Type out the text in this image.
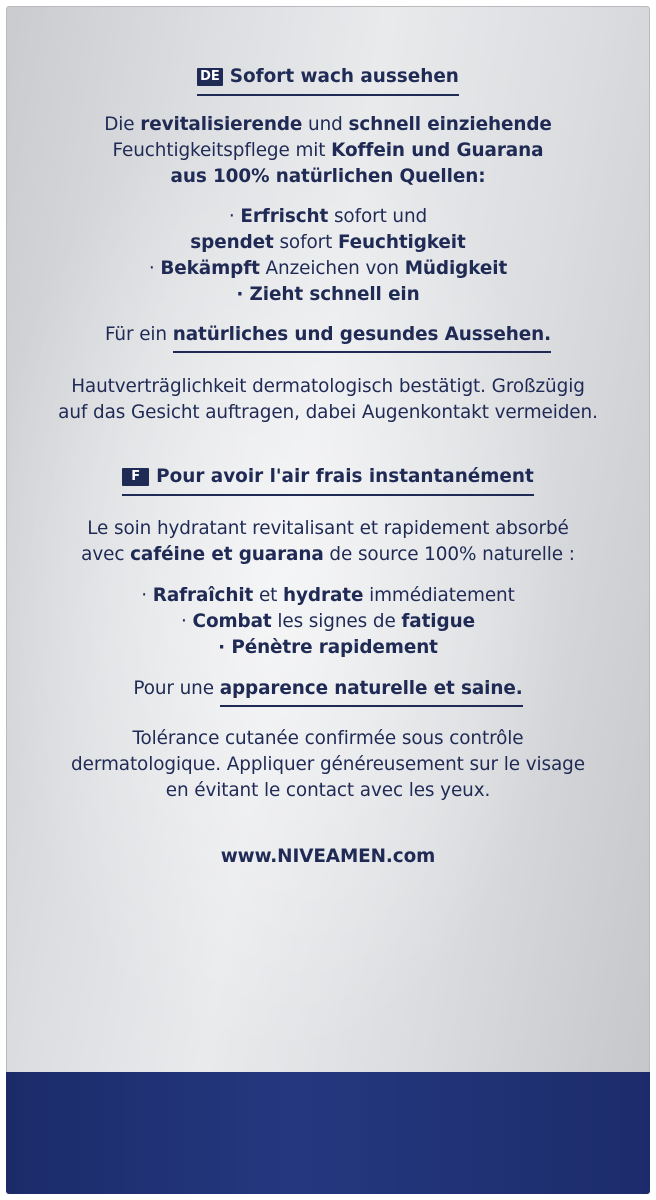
DE Sofort wach aussehen
Die revitalisierende und schnell einziehende
Feuchtigkeitspflege mit Koffein und Guarana
aus 100% natürlichen Quellen:
· Erfrischt sofort und
spendet sofort Feuchtigkeit
· Bekämpft Anzeichen von Müdigkeit
· Zieht schnell ein
Für ein natürliches und gesundes Aussehen.
Hautverträglichkeit dermatologisch bestätigt. Großzügig
auf das Gesicht auftragen, dabei Augenkontakt vermeiden.
F Pour avoir l'air frais instantanément
Le soin hydratant revitalisant et rapidement absorbé
avec caféine et guarana de source 100% naturelle :
· Rafraîchit et hydrate immédiatement
· Combat les signes de fatigue
· Pénètre rapidement
Pour une apparence naturelle et saine.
Tolérance cutanée confirmée sous contrôle
dermatologique. Appliquer généreusement sur le visage
en évitant le contact avec les yeux.
www.NIVEAMEN.com
